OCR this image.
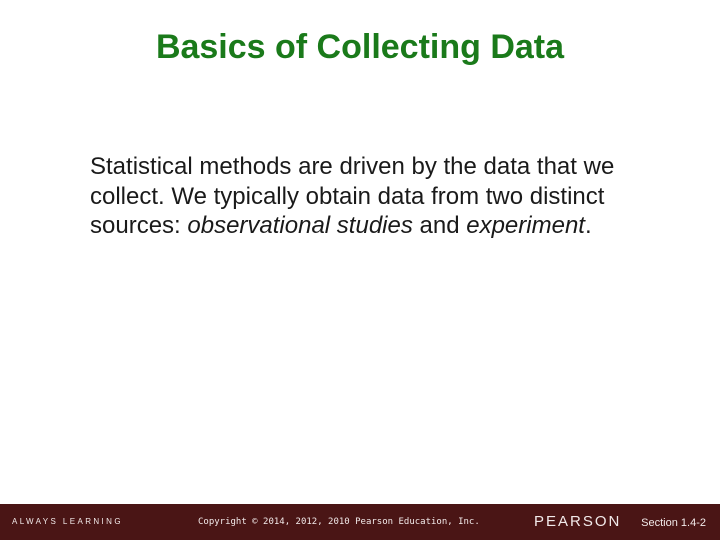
Basics of Collecting Data
Statistical methods are driven by the data that we collect. We typically obtain data from two distinct sources: observational studies and experiment.
ALWAYS LEARNING	Copyright © 2014, 2012, 2010 Pearson Education, Inc.	PEARSON Section 1.4-2
